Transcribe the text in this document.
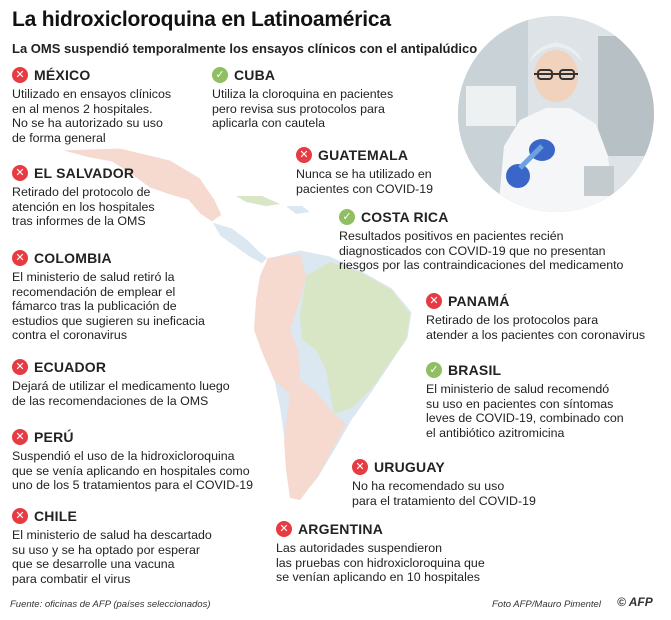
La hidroxicloroquina en Latinoamérica
La OMS suspendió temporalmente los ensayos clínicos con el antipalúdico
✕ MÉXICO
Utilizado en ensayos clínicos
en al menos 2 hospitales.
No se ha autorizado su uso
de forma general
✓ CUBA
Utiliza la cloroquina en pacientes
pero revisa sus protocolos para
aplicarla con cautela
✕ GUATEMALA
Nunca se ha utilizado en
pacientes con COVID-19
✕ EL SALVADOR
Retirado del protocolo de
atención en los hospitales
tras informes de la OMS	✓ COSTA RICA
Resultados positivos en pacientes recién
diagnosticados con COVID-19 que no presentan
riesgos por las contraindicaciones del medicamento
✕ COLOMBIA
El ministerio de salud retiró la
recomendación de emplear el
fámarco tras la publicación de
estudios que sugieren su ineficacia
contra el coronavirus
✕ PANAMÁ
Retirado de los protocolos para
atender a los pacientes con coronavirus
✕ ECUADOR
Dejará de utilizar el medicamento luego
de las recomendaciones de la OMS
✓ BRASIL
El ministerio de salud recomendó
su uso en pacientes con síntomas
leves de COVID-19, combinado con
el antibiótico azitromicina
✕ PERÚ
Suspendió el uso de la hidroxicloroquina
que se venía aplicando en hospitales como
uno de los 5 tratamientos para el COVID-19
✕ URUGUAY
No ha recomendado su uso
para el tratamiento del COVID-19
✕ CHILE
El ministerio de salud ha descartado
su uso y se ha optado por esperar
que se desarrolle una vacuna
para combatir el virus
✕ ARGENTINA
Las autoridades suspendieron
las pruebas con hidroxicloroquina que
se venían aplicando en 10 hospitales
Fuente: oficinas de AFP (países seleccionados)	Foto AFP/Mauro Pimentel © AFP
